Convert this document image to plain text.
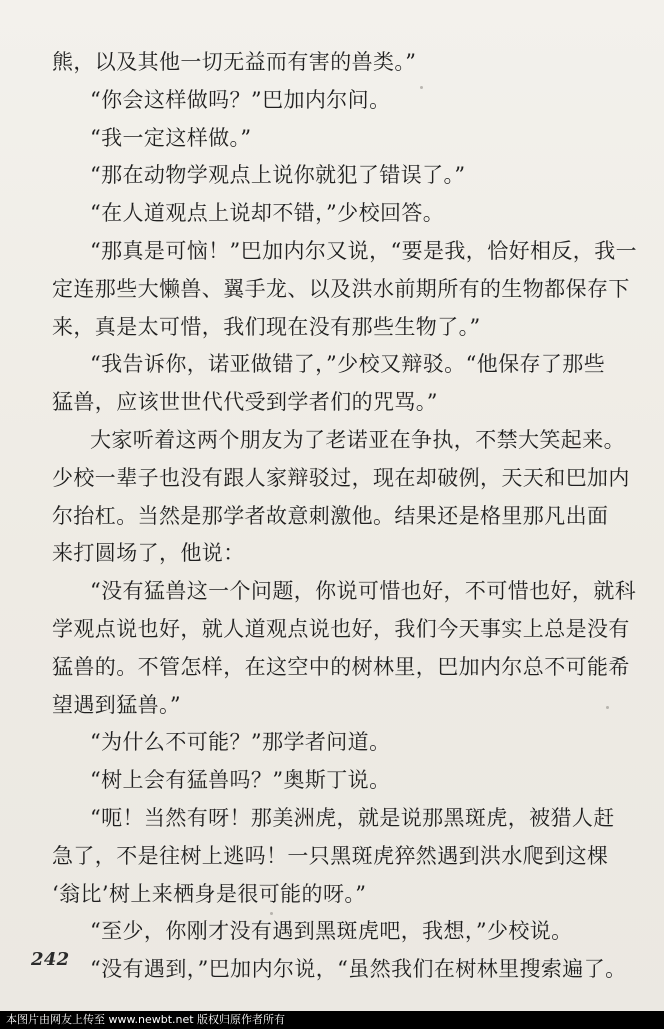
熊，以及其他一切无益而有害的兽类。”
“你会这样做吗？”巴加内尔问。
“我一定这样做。”
“那在动物学观点上说你就犯了错误了。”
“在人道观点上说却不错，”少校回答。
“那真是可恼！”巴加内尔又说，“要是我，恰好相反，我一
定连那些大懒兽、翼手龙、以及洪水前期所有的生物都保存下
来，真是太可惜，我们现在没有那些生物了。”
“我告诉你，诺亚做错了，”少校又辩驳。“他保存了那些
猛兽，应该世世代代受到学者们的咒骂。”
大家听着这两个朋友为了老诺亚在争执，不禁大笑起来。
少校一辈子也没有跟人家辩驳过，现在却破例，天天和巴加内
尔抬杠。当然是那学者故意刺激他。结果还是格里那凡出面
来打圆场了，他说：
“没有猛兽这一个问题，你说可惜也好，不可惜也好，就科
学观点说也好，就人道观点说也好，我们今天事实上总是没有
猛兽的。不管怎样，在这空中的树林里，巴加内尔总不可能希
望遇到猛兽。”
“为什么不可能？”那学者问道。
“树上会有猛兽吗？”奥斯丁说。
“呃！当然有呀！那美洲虎，就是说那黑斑虎，被猎人赶
急了，不是往树上逃吗！一只黑斑虎猝然遇到洪水爬到这棵
‘翁比’树上来栖身是很可能的呀。”
“至少，你刚才没有遇到黑斑虎吧，我想，”少校说。
“没有遇到，”巴加内尔说，“虽然我们在树林里搜索遍了。
242
本图片由网友上传至 www.newbt.net 版权归原作者所有
